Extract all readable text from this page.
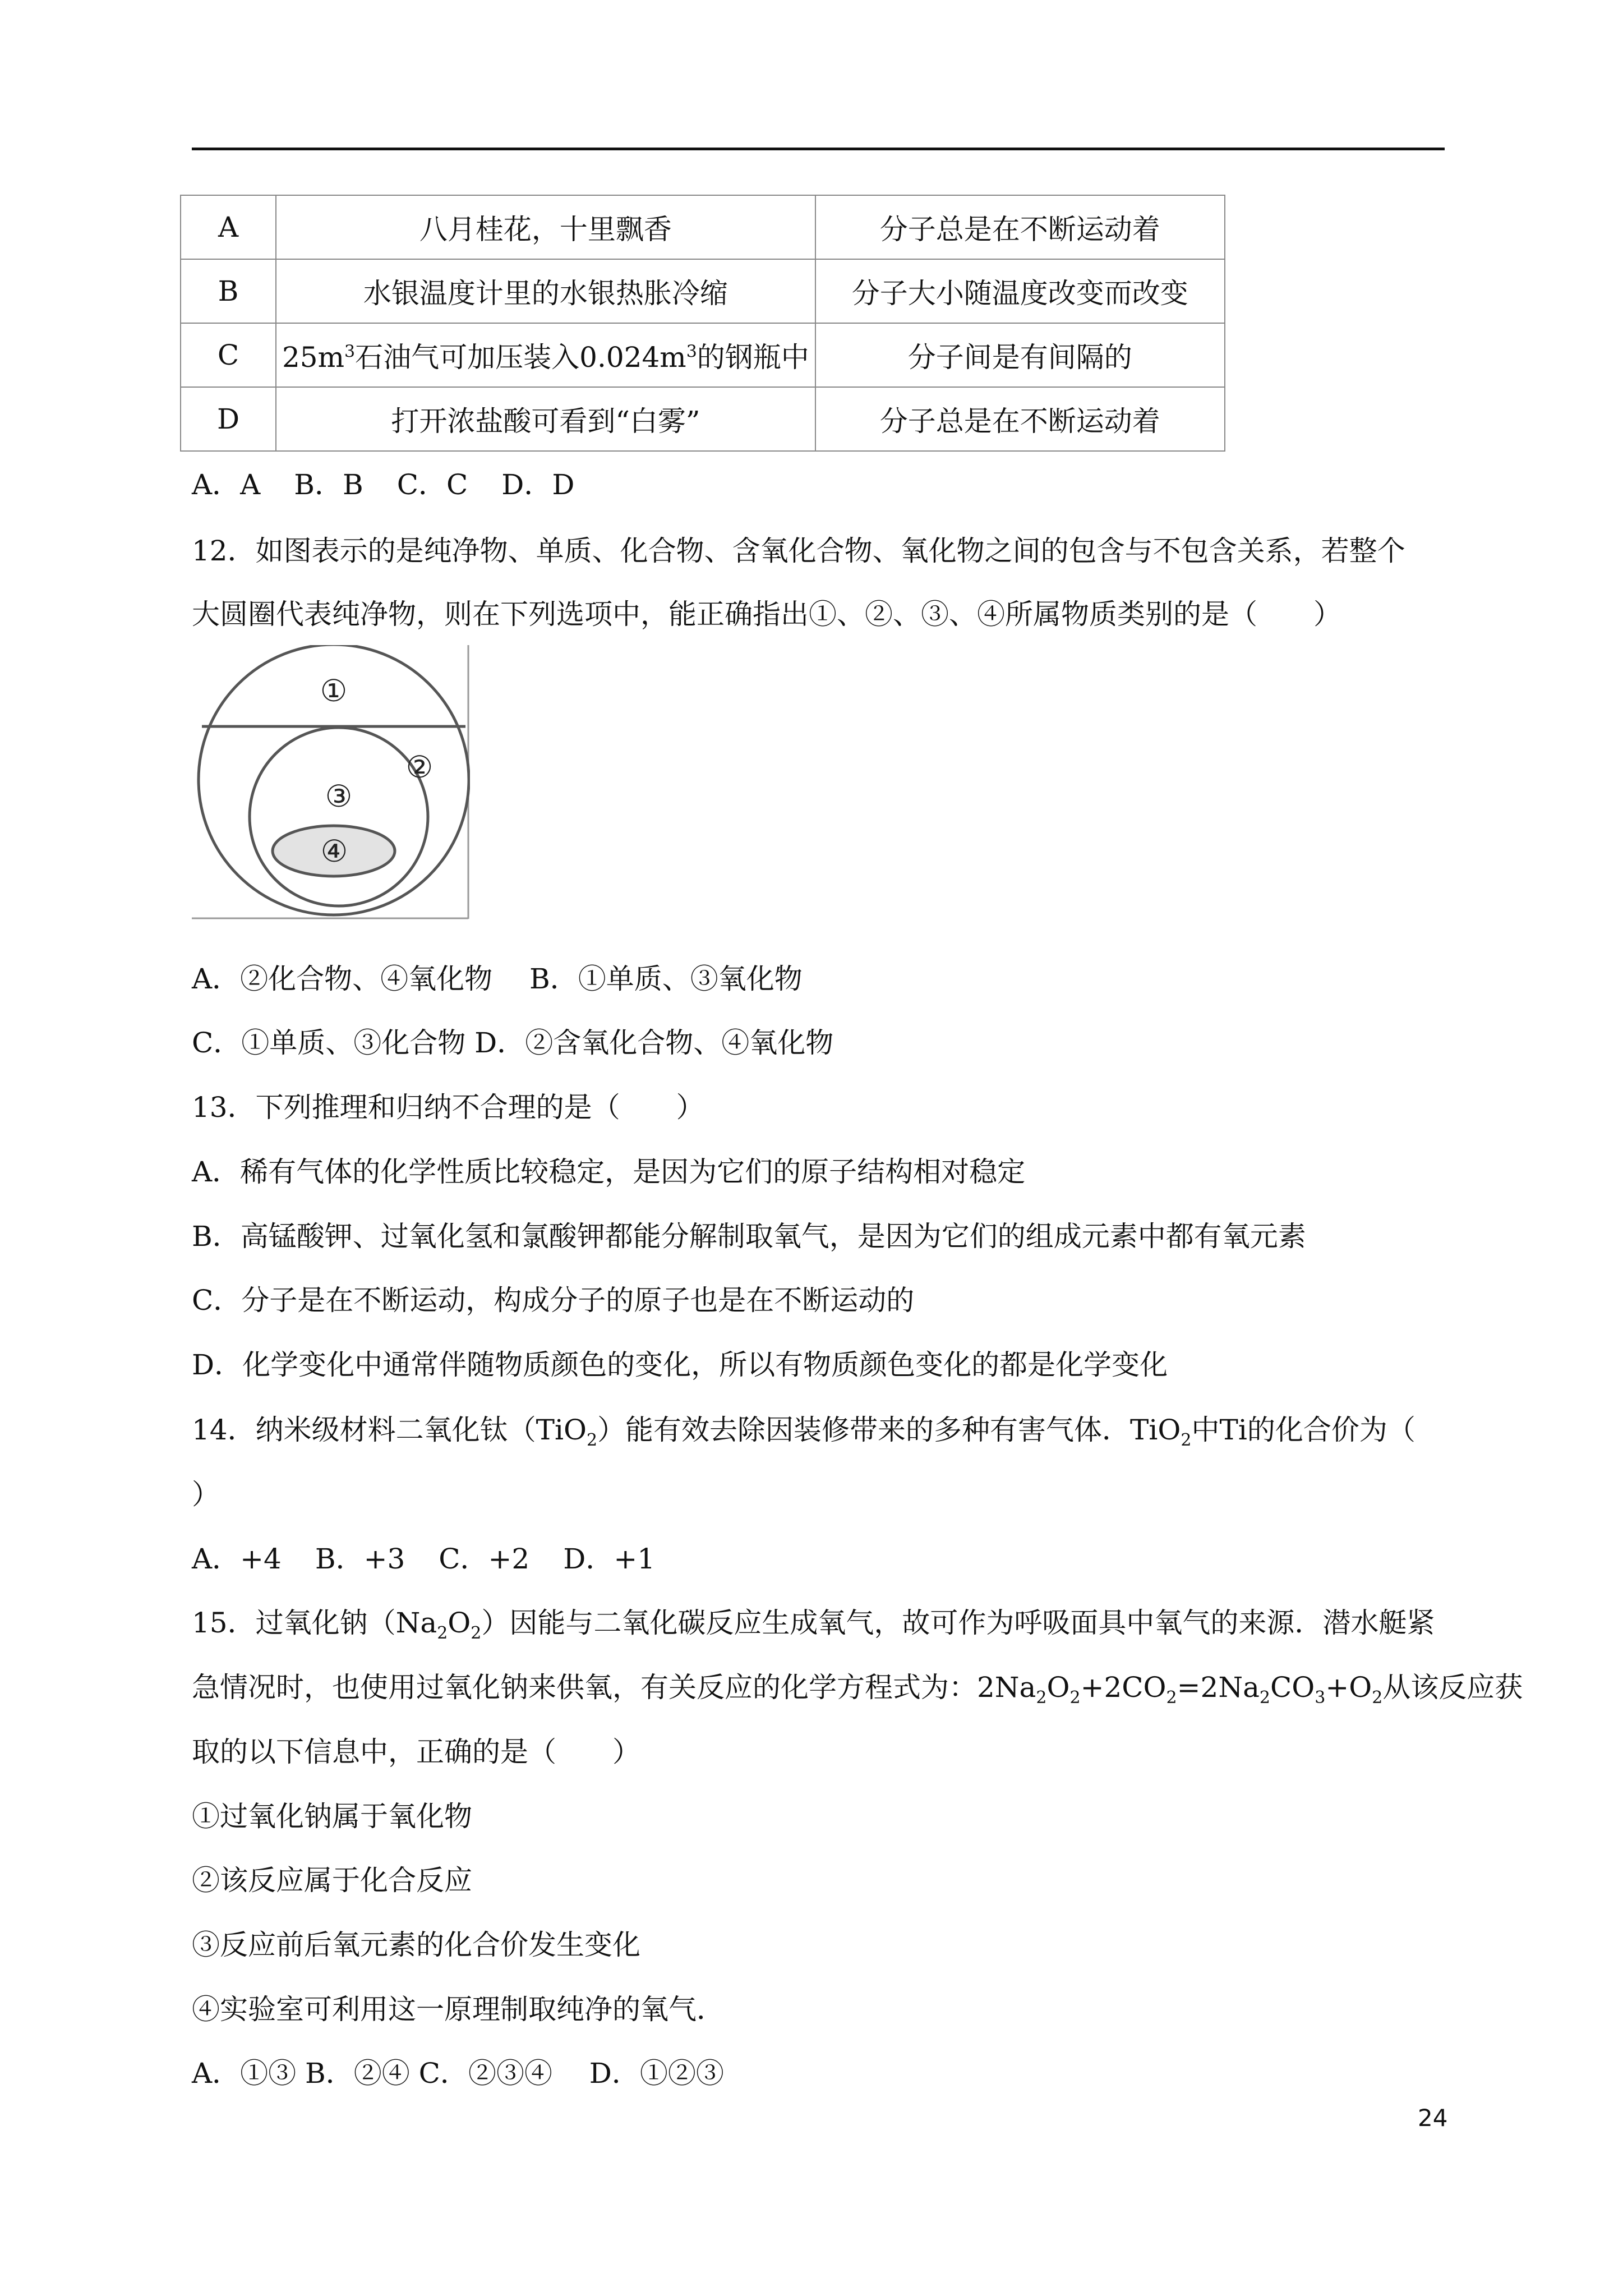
A	八月桂花，十里飘香	分子总是在不断运动着
B	水银温度计里的水银热胀冷缩	分子大小随温度改变而改变
C	$25m^3$石油气可加压装入$0.024m^3$的钢瓶中	分子间是有间隔的
D	打开浓盐酸可看到“白雾”	分子总是在不断运动着
A．A B．B C．C D．D
12．如图表示的是纯净物、单质、化合物、含氧化合物、氧化物之间的包含与不包含关系，若整个
大圆圈代表纯净物，则在下列选项中，能正确指出①、②、③、④所属物质类别的是（　　）
①
②
③
④
A．②化合物、④氧化物　 B．①单质、③氧化物
C．①单质、③化合物 D．②含氧化合物、④氧化物
13．下列推理和归纳不合理的是（　　）
A．稀有气体的化学性质比较稳定，是因为它们的原子结构相对稳定
B．高锰酸钾、过氧化氢和氯酸钾都能分解制取氧气，是因为它们的组成元素中都有氧元素
C．分子是在不断运动，构成分子的原子也是在不断运动的
D．化学变化中通常伴随物质颜色的变化，所以有物质颜色变化的都是化学变化
14．纳米级材料二氧化钛（TiO$_2$）能有效去除因装修带来的多种有害气体．TiO$_2$中Ti的化合价为（
）
A．+4 B．+3 C．+2 D．+1
15．过氧化钠$(Na_2O_2)$因能与二氧化碳反应生成氧气，故可作为呼吸面具中氧气的来源．潜水艇紧
急情况时，也使用过氧化钠来供氧，有关反应的化学方程式为：$2Na_2O_2+2CO_2=2Na_2CO_3+O_2$从该反应获
取的以下信息中，正确的是（　　）
①过氧化钠属于氧化物
②该反应属于化合反应
③反应前后氧元素的化合价发生变化
④实验室可利用这一原理制取纯净的氧气．
A．①③ B．②④ C．②③④　 D．①②③
24
